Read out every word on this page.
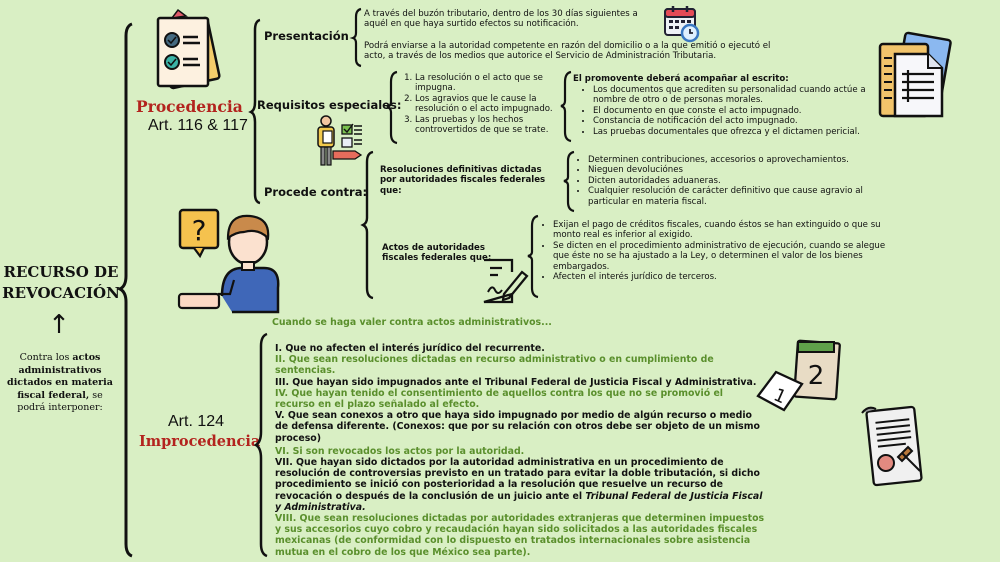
RECURSO DE
REVOCACIÓN
↑
Contra los actos administrativos dictados en materia fiscal federal, se podrá interponer:
Procedencia
Art. 116 & 117
Presentación
A través del buzón tributario, dentro de los 30 días siguientes a aquél en que haya surtido efectos su notificación.
Podrá enviarse a la autoridad competente en razón del domicilio o a la que emitió o ejecutó el acto, a través de los medios que autorice el Servicio de Administración Tributaria.
Requisitos especiales:
1. La resolución o el acto que se impugna.
2. Los agravios que le cause la resolución o el acto impugnado.
3. Las pruebas y los hechos controvertidos de que se trate.
El promovente deberá acompañar al escrito:
• Los documentos que acrediten su personalidad cuando actúe a nombre de otro o de personas morales.
• El documento en que conste el acto impugnado.
• Constancia de notificación del acto impugnado.
• Las pruebas documentales que ofrezca y el dictamen pericial.
Procede contra:
Resoluciones definitivas dictadas por autoridades fiscales federales que:
• Determinen contribuciones, accesorios o aprovechamientos.
• Nieguen devoluciónes
• Dicten autoridades aduaneras.
• Cualquier resolución de carácter definitivo que cause agravio al particular en materia fiscal.
Actos de autoridades fiscales federales que:
• Exijan el pago de créditos fiscales, cuando éstos se han extinguido o que su monto real es inferior al exigido.
• Se dicten en el procedimiento administrativo de ejecución, cuando se alegue que éste no se ha ajustado a la Ley, o determinen el valor de los bienes embargados.
• Afecten el interés jurídico de terceros.
?
Art. 124
Improcedencia
Cuando se haga valer contra actos administrativos...
I. Que no afecten el interés jurídico del recurrente.
II. Que sean resoluciones dictadas en recurso administrativo o en cumplimiento de sentencias.
III. Que hayan sido impugnados ante el Tribunal Federal de Justicia Fiscal y Administrativa.
IV. Que hayan tenido el consentimiento de aquellos contra los que no se promovió el recurso en el plazo señalado al efecto.
V. Que sean conexos a otro que haya sido impugnado por medio de algún recurso o medio de defensa diferente. (Conexos: que por su relación con otros debe ser objeto de un mismo proceso)
VI. Si son revocados los actos por la autoridad.
VII. Que hayan sido dictados por la autoridad administrativa en un procedimiento de resolución de controversias previsto en un tratado para evitar la doble tributación, si dicho procedimiento se inició con posterioridad a la resolución que resuelve un recurso de revocación o después de la conclusión de un juicio ante el Tribunal Federal de Justicia Fiscal y Administrativa.
VIII. Que sean resoluciones dictadas por autoridades extranjeras que determinen impuestos y sus accesorios cuyo cobro y recaudación hayan sido solicitados a las autoridades fiscales mexicanas (de conformidad con lo dispuesto en tratados internacionales sobre asistencia mutua en el cobro de los que México sea parte).
2
1
